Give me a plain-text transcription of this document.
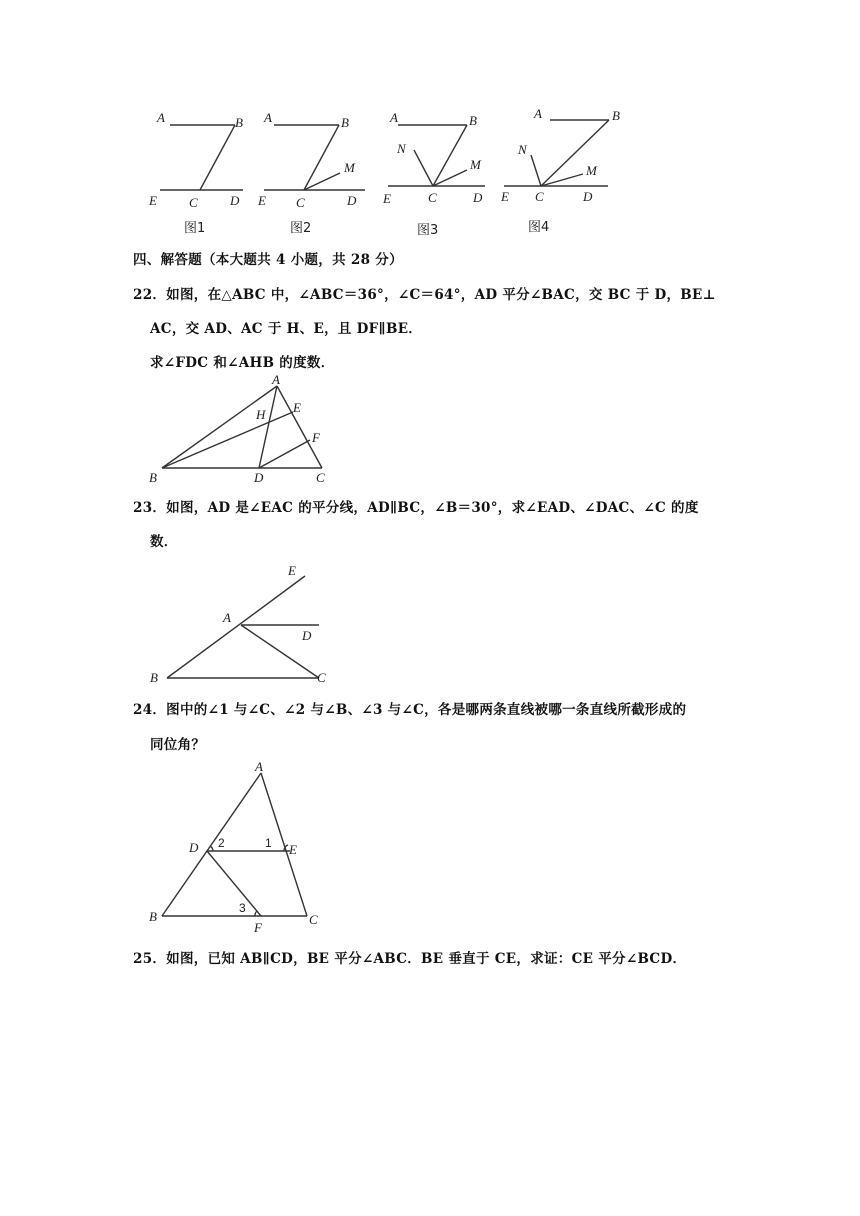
A	B
E C D
图1
A	B
M
E C	D
图2
A	B
N
M
E	C	D
图3
A	B
N
M
E C	D
图4
四、解答题（本大题共 4 小题，共 28 分）
22．如图，在△ABC 中，∠ABC＝36°，∠C＝64°，AD 平分∠BAC，交 BC 于 D，BE⊥
AC，交 AD、AC 于 H、E，且 DF∥BE．
求∠FDC 和∠AHB 的度数．
A
H E
F
B	D	C
23．如图，AD 是∠EAC 的平分线，AD∥BC，∠B＝30°，求∠EAD、∠DAC、∠C 的度
数．
E
A
D
B	C
24．图中的∠1 与∠C、∠2 与∠B、∠3 与∠C，各是哪两条直线被哪一条直线所截形成的
同位角？
A
D 2	1 E
3
B
F
C
25．如图，已知 AB∥CD，BE 平分∠ABC．BE 垂直于 CE，求证：CE 平分∠BCD．
